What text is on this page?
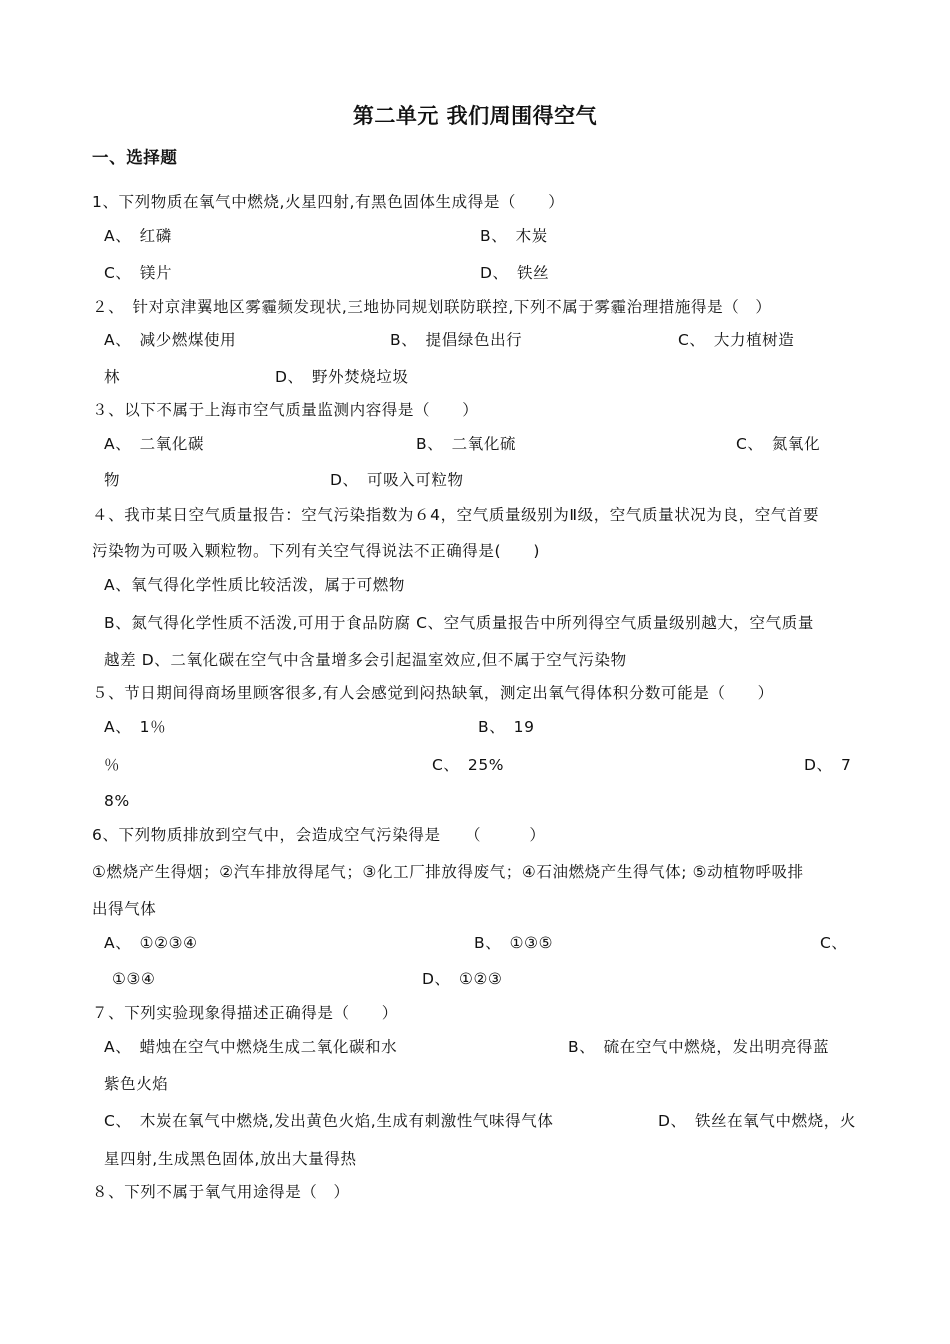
第二单元 我们周围得空气
一、选择题
1、下列物质在氧气中燃烧,火星四射,有黑色固体生成得是（　　）
A、　红磷	B、　木炭
C、　镁片	D、　铁丝
２、　针对京津翼地区雾霾频发现状,三地协同规划联防联控,下列不属于雾霾治理措施得是（　）
A、　减少燃煤使用	B、　提倡绿色出行	C、　大力植树造
林	D、　野外焚烧垃圾
３、以下不属于上海市空气质量监测内容得是（　　）
A、　二氧化碳	B、　二氧化硫	C、　氮氧化
物	D、　可吸入可粒物
４、我市某日空气质量报告：空气污染指数为６4，空气质量级别为Ⅱ级，空气质量状况为良，空气首要
污染物为可吸入颗粒物。下列有关空气得说法不正确得是(　　)
A、氧气得化学性质比较活泼，属于可燃物
B、氮气得化学性质不活泼,可用于食品防腐 C、空气质量报告中所列得空气质量级别越大，空气质量
越差 D、二氧化碳在空气中含量增多会引起温室效应,但不属于空气污染物
５、节日期间得商场里顾客很多,有人会感觉到闷热缺氧，测定出氧气得体积分数可能是（　　）
A、　1％	B、　19
％	C、　25%	D、　7
8%
6、下列物质排放到空气中，会造成空气污染得是　　（　　　）
①燃烧产生得烟；②汽车排放得尾气；③化工厂排放得废气；④石油燃烧产生得气体; ⑤动植物呼吸排
出得气体
A、　①②③④	B、　①③⑤	C、
①③④	D、　①②③
７、下列实验现象得描述正确得是（　　）
A、　蜡烛在空气中燃烧生成二氧化碳和水	B、　硫在空气中燃烧，发出明亮得蓝
紫色火焰
C、　木炭在氧气中燃烧,发出黄色火焰,生成有刺激性气味得气体	D、　铁丝在氧气中燃烧，火
星四射,生成黑色固体,放出大量得热
８、下列不属于氧气用途得是（　）
